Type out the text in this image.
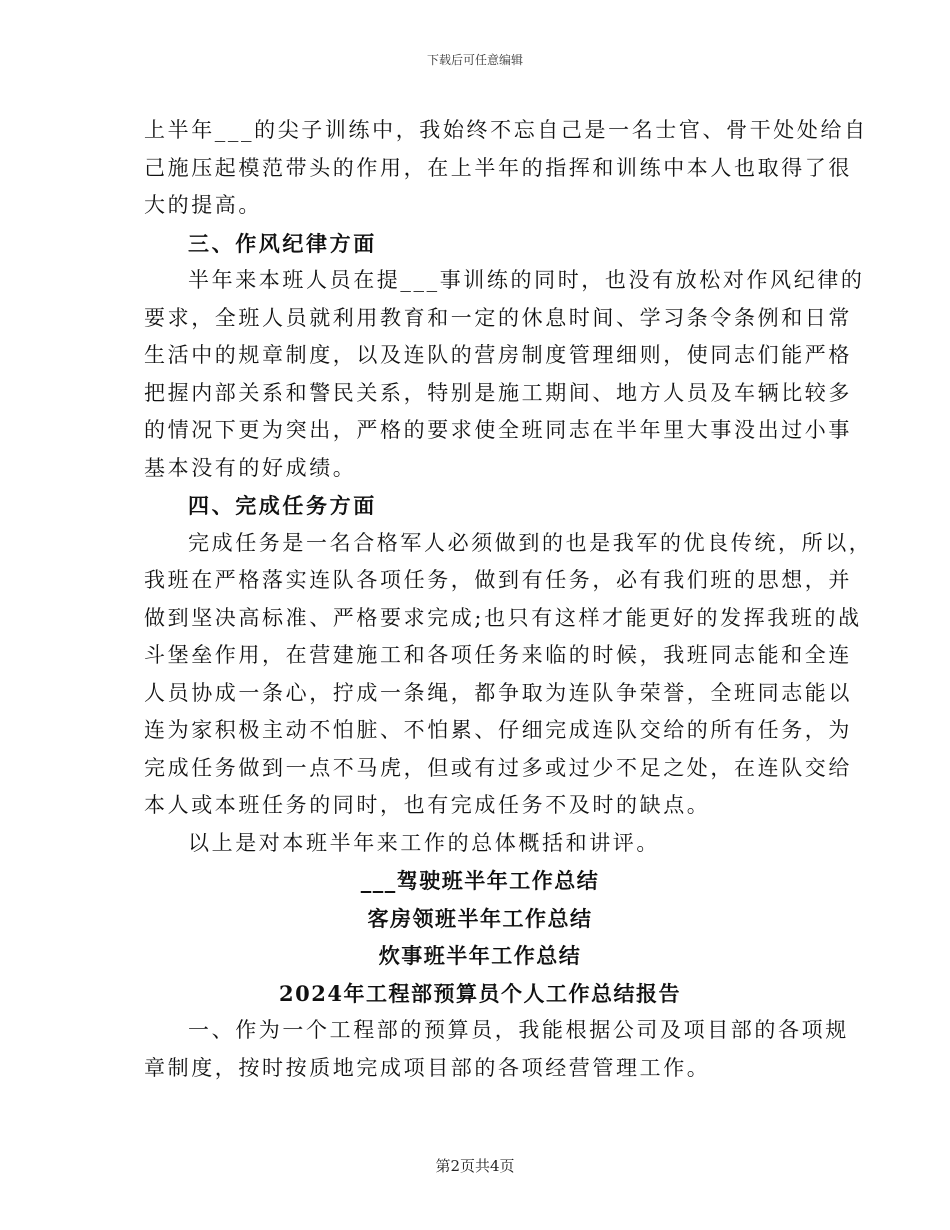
下载后可任意编辑
上半年___的尖子训练中，我始终不忘自己是一名士官、骨干处处给自
己施压起模范带头的作用，在上半年的指挥和训练中本人也取得了很
大的提高。
三、作风纪律方面
半年来本班人员在提___事训练的同时，也没有放松对作风纪律的
要求，全班人员就利用教育和一定的休息时间、学习条令条例和日常
生活中的规章制度，以及连队的营房制度管理细则，使同志们能严格
把握内部关系和警民关系，特别是施工期间、地方人员及车辆比较多
的情况下更为突出，严格的要求使全班同志在半年里大事没出过小事
基本没有的好成绩。
四、完成任务方面
完成任务是一名合格军人必须做到的也是我军的优良传统，所以，
我班在严格落实连队各项任务，做到有任务，必有我们班的思想，并
做到坚决高标准、严格要求完成;也只有这样才能更好的发挥我班的战
斗堡垒作用，在营建施工和各项任务来临的时候，我班同志能和全连
人员协成一条心，拧成一条绳，都争取为连队争荣誉，全班同志能以
连为家积极主动不怕脏、不怕累、仔细完成连队交给的所有任务，为
完成任务做到一点不马虎，但或有过多或过少不足之处，在连队交给
本人或本班任务的同时，也有完成任务不及时的缺点。
以上是对本班半年来工作的总体概括和讲评。
___驾驶班半年工作总结
客房领班半年工作总结
炊事班半年工作总结
2024年工程部预算员个人工作总结报告
一、作为一个工程部的预算员，我能根据公司及项目部的各项规
章制度，按时按质地完成项目部的各项经营管理工作。
第2页共4页
